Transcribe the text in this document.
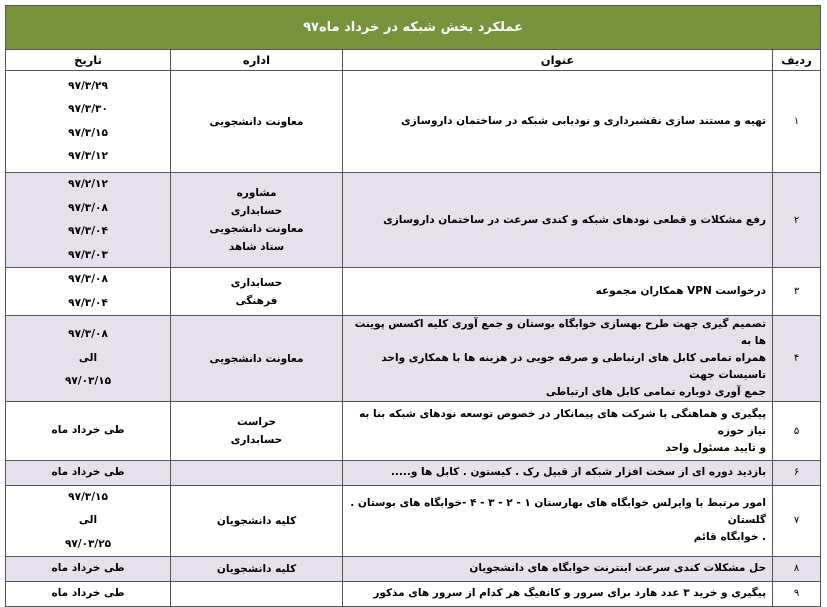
عملکرد بخش شبکه در خرداد ماه۹۷			
ردیف	عنوان	اداره	تاریخ
۱	تهیه و مستند سازی نقشبرداری و نودیابی شبکه در ساختمان داروسازی	معاونت دانشجویی	۹۷/۳/۲۹
۹۷/۳/۳۰
۹۷/۳/۱۵
۹۷/۳/۱۲

۲	رفع مشکلات و قطعی نودهای شبکه و کندی سرعت در ساختمان داروسازی	مشاوره
حسابداری
معاونت دانشجویی
ستاد شاهد	۹۷/۲/۱۲
۹۷/۳/۰۸
۹۷/۳/۰۴
۹۷/۳/۰۳

۳	درخواست VPN همکاران مجموعه	حسابداری
فرهنگی	۹۷/۳/۰۸
۹۷/۳/۰۴

۴	تصمیم گیری جهت طرح بهسازی خوابگاه بوستان و جمع آوری کلیه اکسس پوینت ها به
همراه تمامی کابل های ارتباطی و صرفه جویی در هزینه ها با همکاری واحد تاسیسات جهت
جمع آوری دوباره تمامی کابل های ارتباطی	معاونت دانشجویی	۹۷/۳/۰۸
الی
۹۷/۰۳/۱۵

۵	پیگیری و هماهنگی با شرکت های پیمانکار در خصوص توسعه نودهای شبکه بنا به نیاز حوزه
و تایید مسئول واحد	حراست
حسابداری	طی خرداد ماه

۶	بازدید دوره ای از سخت افزار شبکه از قبیل رک . کیستون . کابل ها و.....		طی خرداد ماه

۷	امور مرتبط با وایرلس خوابگاه های بهارستان ۱ - ۲ - ۳ - ۴ -خوابگاه های بوستان . گلستان
. خوابگاه قائم	کلیه دانشجویان	۹۷/۳/۱۵
الی
۹۷/۰۳/۲۵

۸	حل مشکلات کندی سرعت اینترنت خوابگاه های دانشجویان	کلیه دانشجویان	طی خرداد ماه

۹	پیگیری و خرید ۳ عدد هارد برای سرور و کانفیگ هر کدام از سرور های مذکور		طی خرداد ماه
